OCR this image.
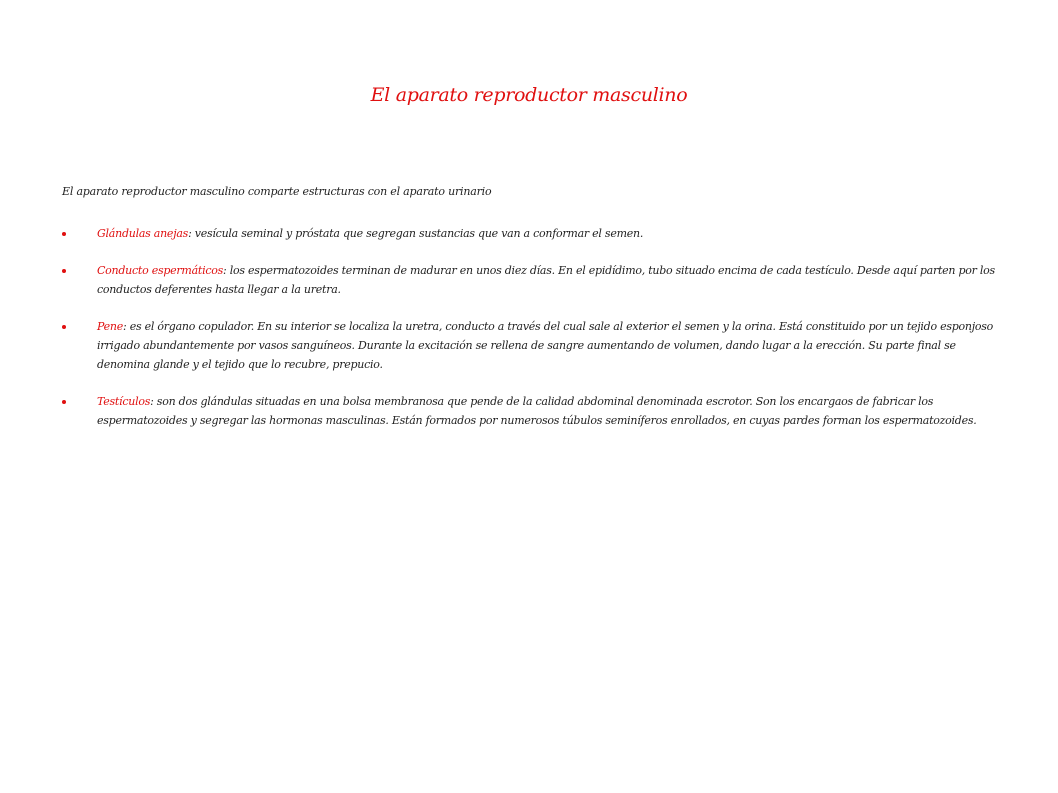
El aparato reproductor masculino
El aparato reproductor masculino comparte estructuras con el aparato urinario
Glándulas anejas: vesícula seminal y próstata que segregan sustancias que van a conformar el semen.
Conducto espermáticos: los espermatozoides terminan de madurar en unos diez días. En el epidídimo, tubo situado encima de cada testículo. Desde aquí parten por los conductos deferentes hasta llegar a la uretra.
Pene: es el órgano copulador. En su interior se localiza la uretra, conducto a través del cual sale al exterior el semen y la orina. Está constituido por un tejido esponjoso irrigado abundantemente por vasos sanguíneos. Durante la excitación se rellena de sangre aumentando de volumen, dando lugar a la erección. Su parte final se denomina glande y el tejido que lo recubre, prepucio.
Testículos: son dos glándulas situadas en una bolsa membranosa que pende de la calidad abdominal denominada escrotor. Son los encargaos de fabricar los espermatozoides y segregar las hormonas masculinas. Están formados por numerosos túbulos seminíferos enrollados, en cuyas pardes forman los espermatozoides.
